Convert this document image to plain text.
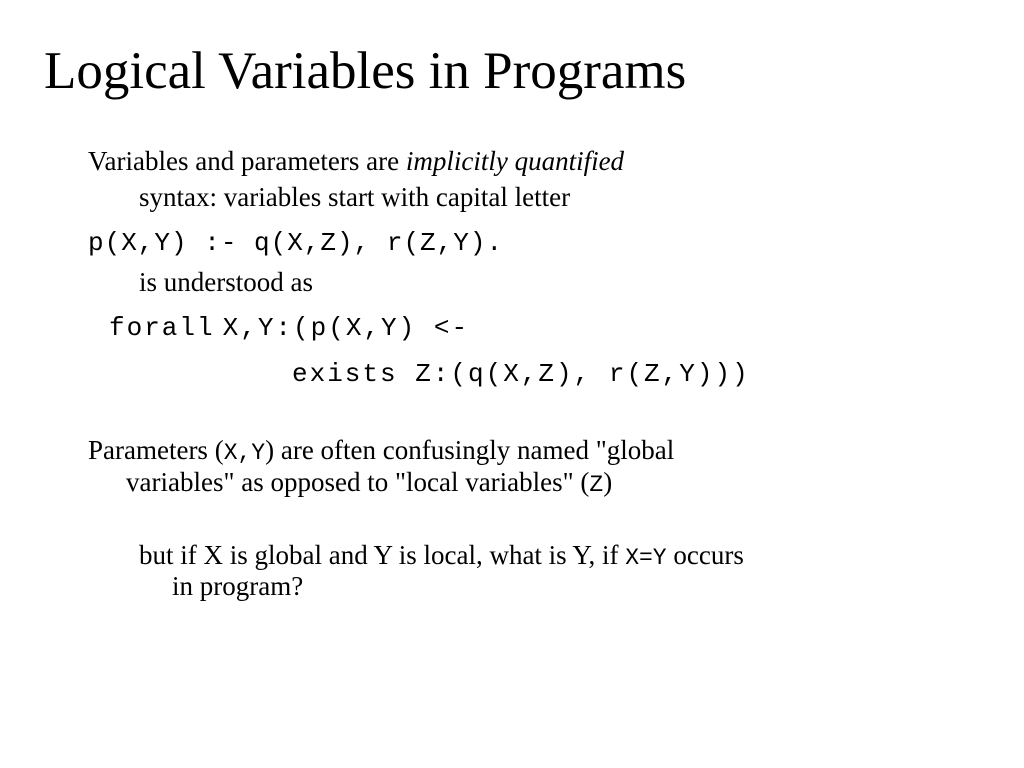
Logical Variables in Programs
Variables and parameters are implicitly quantified
syntax: variables start with capital letter
p(X,Y) :- q(X,Z), r(Z,Y).
is understood as
forall X,Y:(p(X,Y) <-
exists Z:(q(X,Z), r(Z,Y)))
Parameters (X,Y) are often confusingly named "global
variables" as opposed to "local variables" (Z)
but if X is global and Y is local, what is Y, if X=Y occurs
in program?
